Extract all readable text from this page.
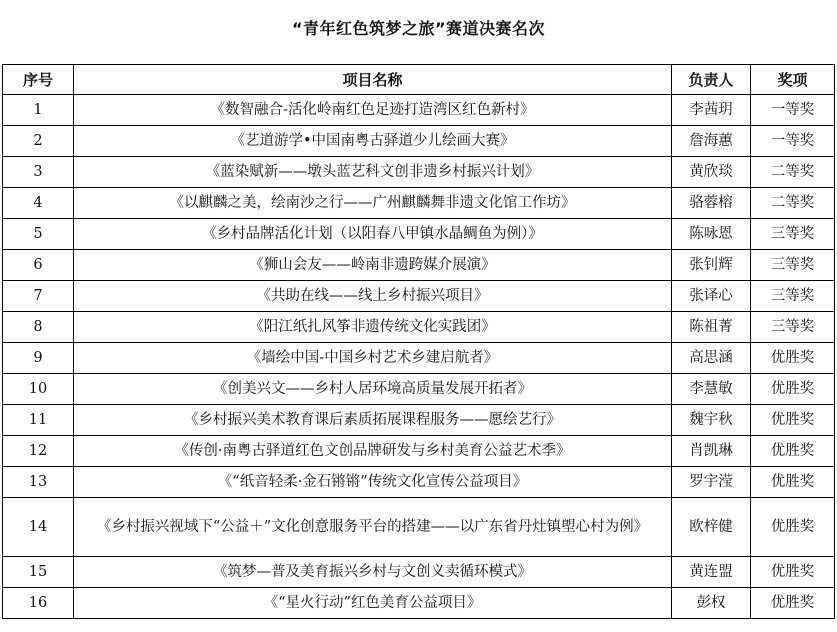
“青年红色筑梦之旅”赛道决赛名次
序号	项目名称	负责人	奖项
1	《数智融合-活化岭南红色足迹打造湾区红色新村》	李茜玥	一等奖
2	《艺道游学•中国南粤古驿道少儿绘画大赛》	詹海蕙	一等奖
3	《蓝染赋新——墩头蓝艺科文创非遗乡村振兴计划》	黄欣琰	二等奖
4	《以麒麟之美，绘南沙之行——广州麒麟舞非遗文化馆工作坊》	骆蓉榕	二等奖
5	《乡村品牌活化计划（以阳春八甲镇水晶鲷鱼为例）》	陈咏恩	三等奖
6	《狮山会友——岭南非遗跨媒介展演》	张钊辉	三等奖
7	《共助在线——线上乡村振兴项目》	张译心	三等奖
8	《阳江纸扎风筝非遗传统文化实践团》	陈祖菁	三等奖
9	《墙绘中国-中国乡村艺术乡建启航者》	高思涵	优胜奖
10	《创美兴文——乡村人居环境高质量发展开拓者》	李慧敏	优胜奖
11	《乡村振兴美术教育课后素质拓展课程服务——愿绘艺行》	魏宇秋	优胜奖
12	《传创·南粤古驿道红色文创品牌研发与乡村美育公益艺术季》	肖凯琳	优胜奖
13	《“纸音轻柔·金石锵锵”传统文化宣传公益项目》	罗宇滢	优胜奖
14	《乡村振兴视域下“公益＋”文化创意服务平台的搭建——以广东省丹灶镇塱心村为例》	欧梓健	优胜奖
15	《筑梦—普及美育振兴乡村与文创义卖循环模式》	黄连盟	优胜奖
16	《“星火行动”红色美育公益项目》	彭权	优胜奖
